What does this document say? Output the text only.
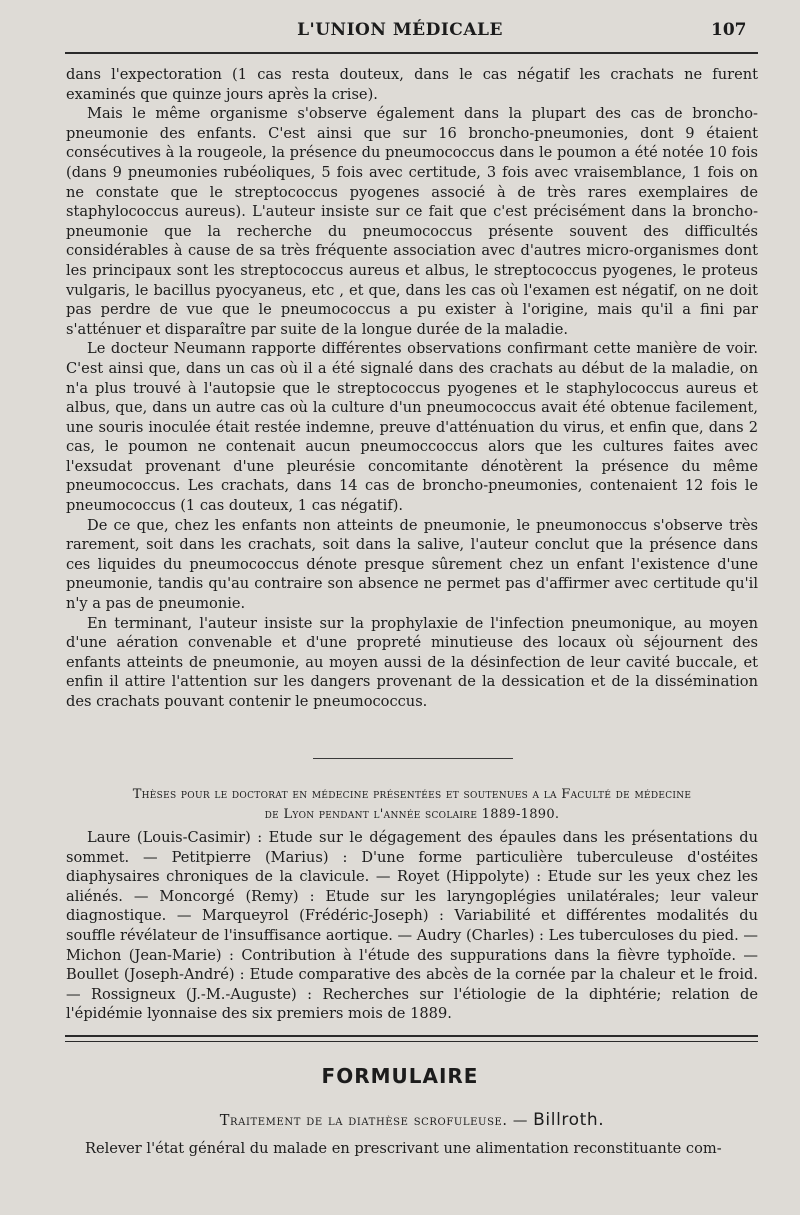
L'UNION MÉDICALE	107

dans l'expectoration (1 cas resta douteux, dans le cas négatif les crachats ne furent examinés que quinze jours après la crise).

Mais le même organisme s'observe également dans la plupart des cas de broncho-pneumonie des enfants. C'est ainsi que sur 16 broncho-pneumonies, dont 9 étaient consécutives à la rougeole, la présence du pneumococcus dans le poumon a été notée 10 fois (dans 9 pneumonies rubéoliques, 5 fois avec certitude, 3 fois avec vraisemblance, 1 fois on ne constate que le streptococcus pyogenes associé à de très rares exemplaires de staphylococcus aureus). L'auteur insiste sur ce fait que c'est précisément dans la broncho-pneumonie que la recherche du pneumococcus présente souvent des difficultés considérables à cause de sa très fréquente association avec d'autres micro-organismes dont les principaux sont les streptococcus aureus et albus, le streptococcus pyogenes, le proteus vulgaris, le bacillus pyocyaneus, etc , et que, dans les cas où l'examen est négatif, on ne doit pas perdre de vue que le pneumococcus a pu exister à l'origine, mais qu'il a fini par s'atténuer et disparaître par suite de la longue durée de la maladie.

Le docteur Neumann rapporte différentes observations confirmant cette manière de voir. C'est ainsi que, dans un cas où il a été signalé dans des crachats au début de la maladie, on n'a plus trouvé à l'autopsie que le streptococcus pyogenes et le staphylococcus aureus et albus, que, dans un autre cas où la culture d'un pneumococcus avait été obtenue facilement, une souris inoculée était restée indemne, preuve d'atténuation du virus, et enfin que, dans 2 cas, le poumon ne contenait aucun pneumoccoccus alors que les cultures faites avec l'exsudat provenant d'une pleurésie concomitante dénotèrent la présence du même pneumococcus. Les crachats, dans 14 cas de broncho-pneumonies, contenaient 12 fois le pneumococcus (1 cas douteux, 1 cas négatif).

De ce que, chez les enfants non atteints de pneumonie, le pneumonoccus s'observe très rarement, soit dans les crachats, soit dans la salive, l'auteur conclut que la présence dans ces liquides du pneumococcus dénote presque sûrement chez un enfant l'existence d'une pneumonie, tandis qu'au contraire son absence ne permet pas d'affirmer avec certitude qu'il n'y a pas de pneumonie.

En terminant, l'auteur insiste sur la prophylaxie de l'infection pneumonique, au moyen d'une aération convenable et d'une propreté minutieuse des locaux où séjournent des enfants atteints de pneumonie, au moyen aussi de la désinfection de leur cavité buccale, et enfin il attire l'attention sur les dangers provenant de la dessication et de la dissémination des crachats pouvant contenir le pneumococcus.

Thèses pour le doctorat en médecine présentées et soutenues a la Faculté de médecine
de Lyon pendant l'année scolaire 1889-1890.

Laure (Louis-Casimir) : Etude sur le dégagement des épaules dans les présentations du sommet. — Petitpierre (Marius) : D'une forme particulière tuberculeuse d'ostéites diaphysaires chroniques de la clavicule. — Royet (Hippolyte) : Etude sur les yeux chez les aliénés. — Moncorgé (Remy) : Etude sur les laryngoplégies unilatérales; leur valeur diagnostique. — Marqueyrol (Frédéric-Joseph) : Variabilité et différentes modalités du souffle révélateur de l'insuffisance aortique. — Audry (Charles) : Les tuberculoses du pied. — Michon (Jean-Marie) : Contribution à l'étude des suppurations dans la fièvre typhoïde. — Boullet (Joseph-André) : Etude comparative des abcès de la cornée par la chaleur et le froid. — Rossigneux (J.-M.-Auguste) : Recherches sur l'étiologie de la diphtérie; relation de l'épidémie lyonnaise des six premiers mois de 1889.

FORMULAIRE
Traitement de la diathèse scrofuleuse. — Billroth.
Relever l'état général du malade en prescrivant une alimentation reconstituante com-
